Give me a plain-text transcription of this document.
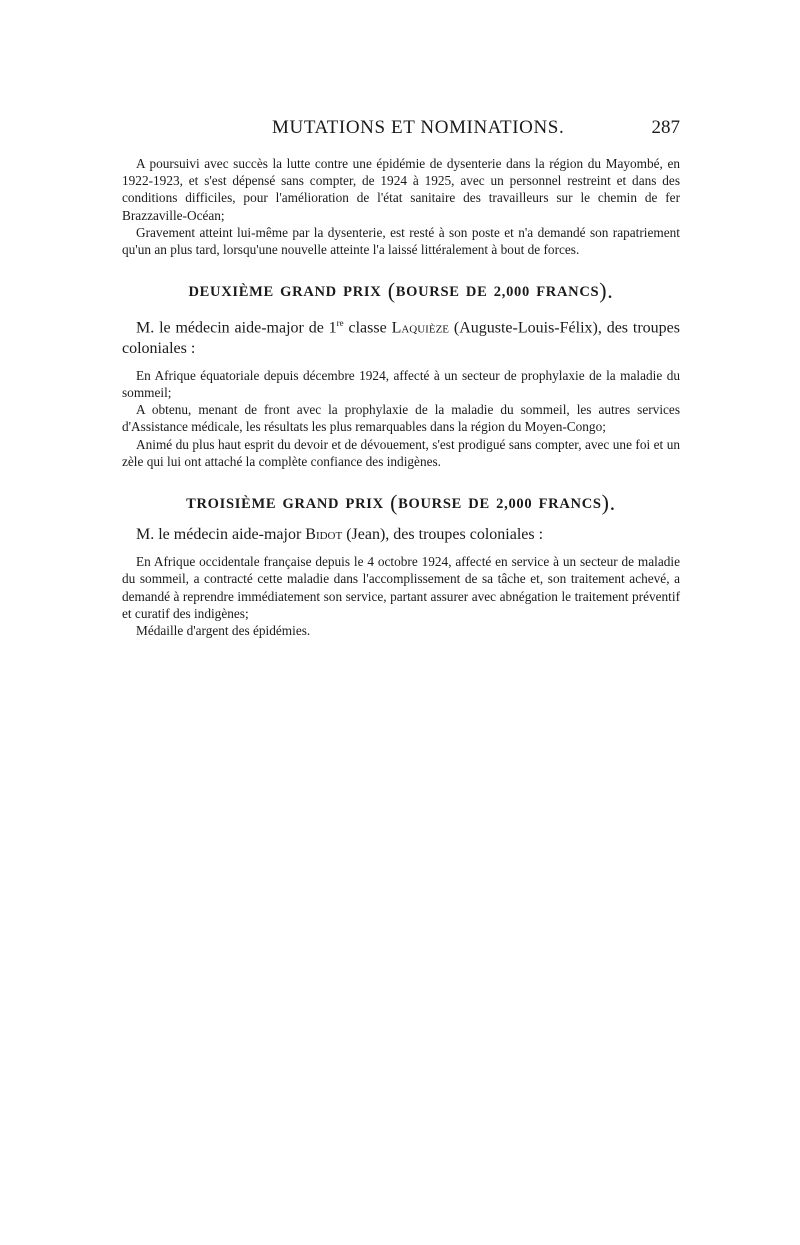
MUTATIONS ET NOMINATIONS.	287

A poursuivi avec succès la lutte contre une épidémie de dysenterie dans la région du Mayombé, en 1922-1923, et s'est dépensé sans compter, de 1924 à 1925, avec un personnel restreint et dans des conditions difficiles, pour l'amélioration de l'état sanitaire des travailleurs sur le chemin de fer Brazzaville-Océan;

Gravement atteint lui-même par la dysenterie, est resté à son poste et n'a demandé son rapatriement qu'un an plus tard, lorsqu'une nouvelle atteinte l'a laissé littéralement à bout de forces.

DEUXIÈME GRAND PRIX (BOURSE DE 2,000 FRANCS).

M. le médecin aide-major de 1re classe Laquièze (Auguste-Louis-Félix), des troupes coloniales :

En Afrique équatoriale depuis décembre 1924, affecté à un secteur de prophylaxie de la maladie du sommeil;

A obtenu, menant de front avec la prophylaxie de la maladie du sommeil, les autres services d'Assistance médicale, les résultats les plus remarquables dans la région du Moyen-Congo;

Animé du plus haut esprit du devoir et de dévouement, s'est prodigué sans compter, avec une foi et un zèle qui lui ont attaché la complète confiance des indigènes.

TROISIÈME GRAND PRIX (BOURSE DE 2,000 FRANCS).

M. le médecin aide-major Bidot (Jean), des troupes coloniales :

En Afrique occidentale française depuis le 4 octobre 1924, affecté en service à un secteur de maladie du sommeil, a contracté cette maladie dans l'accomplissement de sa tâche et, son traitement achevé, a demandé à reprendre immédiatement son service, partant assurer avec abnégation le traitement préventif et curatif des indigènes;

Médaille d'argent des épidémies.
